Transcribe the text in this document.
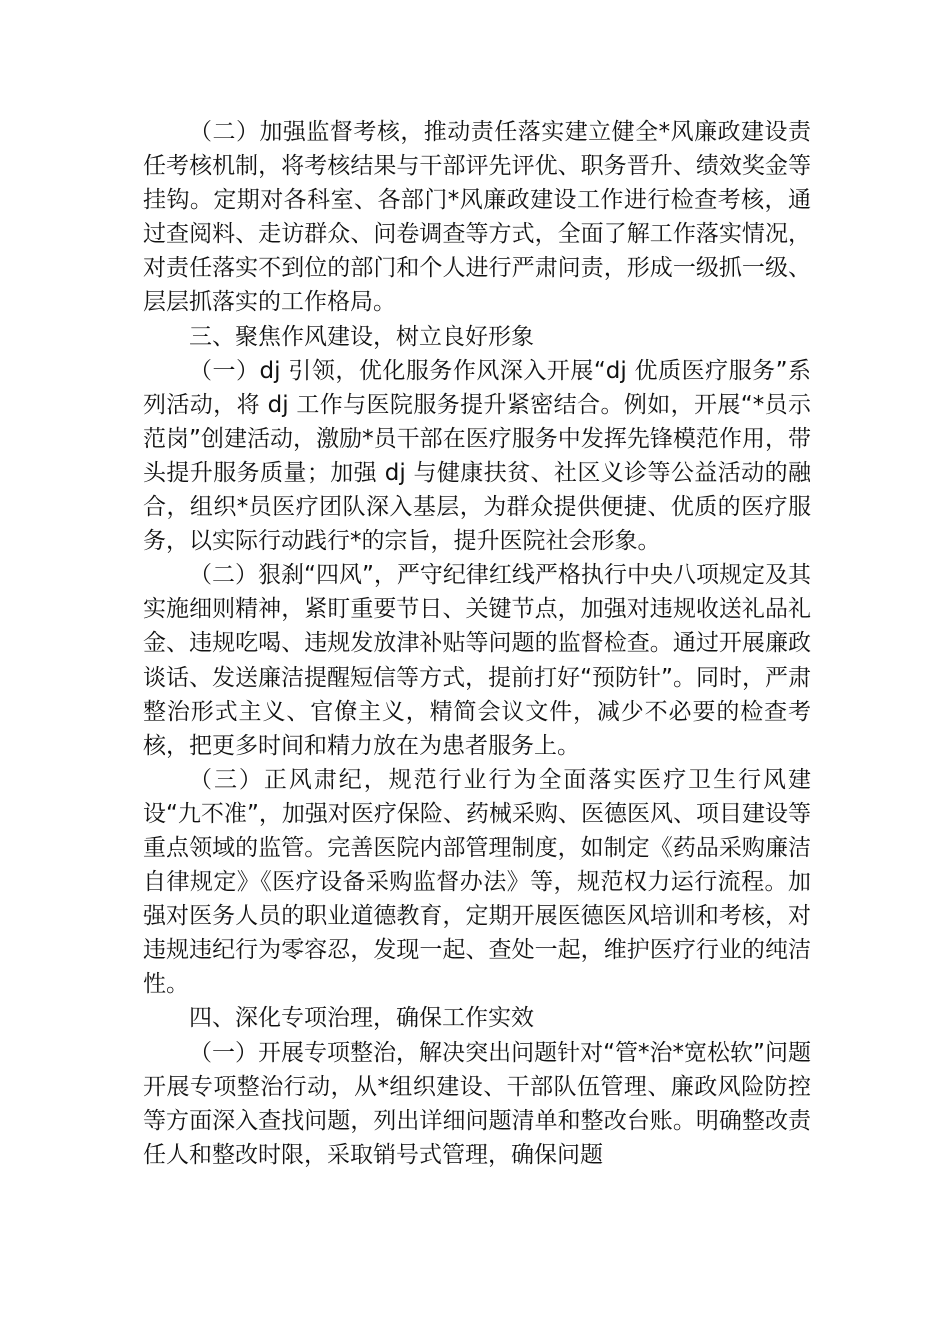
（二）加强监督考核，推动责任落实建立健全*风廉政建设责任考核机制，将考核结果与干部评先评优、职务晋升、绩效奖金等挂钩。定期对各科室、各部门*风廉政建设工作进行检查考核，通过查阅料、走访群众、问卷调查等方式，全面了解工作落实情况，对责任落实不到位的部门和个人进行严肃问责，形成一级抓一级、层层抓落实的工作格局。

三、聚焦作风建设，树立良好形象

（一）dj 引领，优化服务作风深入开展“dj 优质医疗服务”系列活动，将 dj 工作与医院服务提升紧密结合。例如，开展“*员示范岗”创建活动，激励*员干部在医疗服务中发挥先锋模范作用，带头提升服务质量；加强 dj 与健康扶贫、社区义诊等公益活动的融合，组织*员医疗团队深入基层，为群众提供便捷、优质的医疗服务，以实际行动践行*的宗旨，提升医院社会形象。

（二）狠刹“四风”，严守纪律红线严格执行中央八项规定及其实施细则精神，紧盯重要节日、关键节点，加强对违规收送礼品礼金、违规吃喝、违规发放津补贴等问题的监督检查。通过开展廉政谈话、发送廉洁提醒短信等方式，提前打好“预防针”。同时，严肃整治形式主义、官僚主义，精简会议文件，减少不必要的检查考核，把更多时间和精力放在为患者服务上。

（三）正风肃纪，规范行业行为全面落实医疗卫生行风建设“九不准”，加强对医疗保险、药械采购、医德医风、项目建设等重点领域的监管。完善医院内部管理制度，如制定《药品采购廉洁自律规定》《医疗设备采购监督办法》等，规范权力运行流程。加强对医务人员的职业道德教育，定期开展医德医风培训和考核，对违规违纪行为零容忍，发现一起、查处一起，维护医疗行业的纯洁性。

四、深化专项治理，确保工作实效

（一）开展专项整治，解决突出问题针对“管*治*宽松软”问题开展专项整治行动，从*组织建设、干部队伍管理、廉政风险防控等方面深入查找问题，列出详细问题清单和整改台账。明确整改责任人和整改时限，采取销号式管理，确保问题
